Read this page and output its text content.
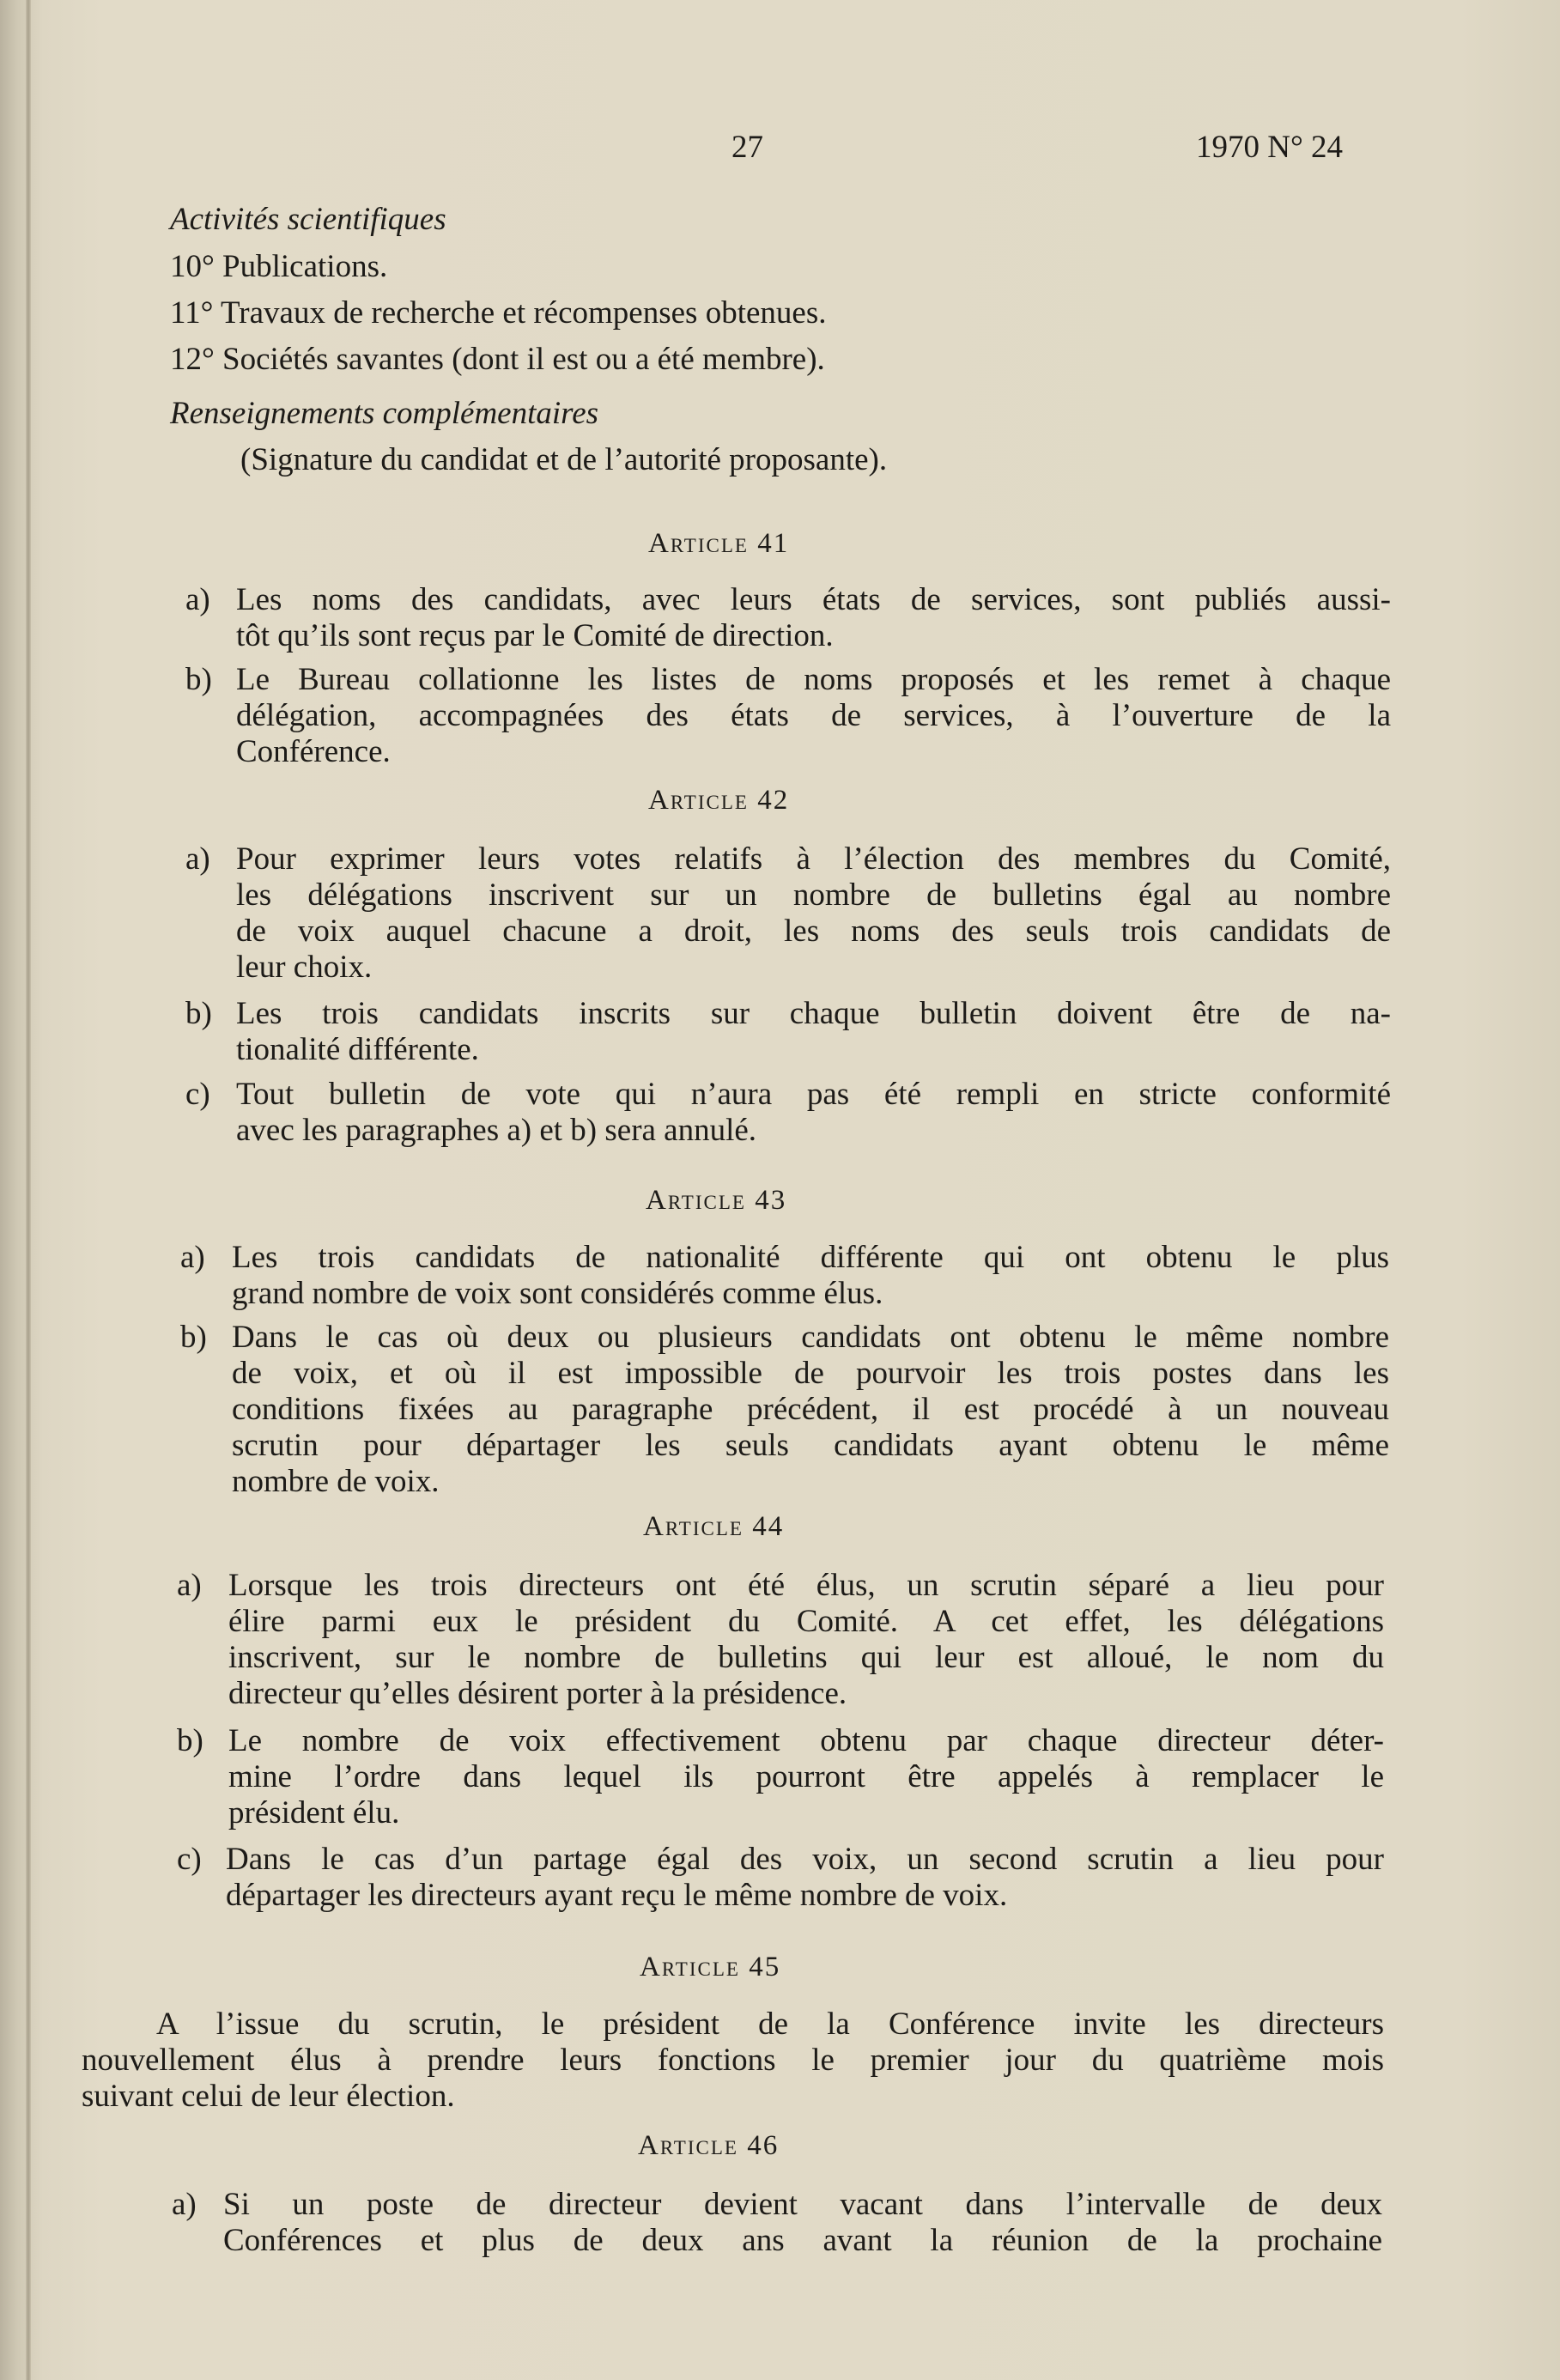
27	1970 N° 24
Activités scientifiques
10° Publications.
11° Travaux de recherche et récompenses obtenues.
12° Sociétés savantes (dont il est ou a été membre).
Renseignements complémentaires
(Signature du candidat et de l’autorité proposante).
Article 41
a) Les noms des candidats, avec leurs états de services, sont publiés aussi-
tôt qu’ils sont reçus par le Comité de direction.
b) Le Bureau collationne les listes de noms proposés et les remet à chaque
délégation, accompagnées des états de services, à l’ouverture de la
Conférence.
Article 42
a) Pour exprimer leurs votes relatifs à l’élection des membres du Comité,
les délégations inscrivent sur un nombre de bulletins égal au nombre
de voix auquel chacune a droit, les noms des seuls trois candidats de
leur choix.
b) Les trois candidats inscrits sur chaque bulletin doivent être de na-
tionalité différente.
c) Tout bulletin de vote qui n’aura pas été rempli en stricte conformité
avec les paragraphes a) et b) sera annulé.
Article 43
a) Les trois candidats de nationalité différente qui ont obtenu le plus
grand nombre de voix sont considérés comme élus.
b) Dans le cas où deux ou plusieurs candidats ont obtenu le même nombre
de voix, et où il est impossible de pourvoir les trois postes dans les
conditions fixées au paragraphe précédent, il est procédé à un nouveau
scrutin pour départager les seuls candidats ayant obtenu le même
nombre de voix.
Article 44
a) Lorsque les trois directeurs ont été élus, un scrutin séparé a lieu pour
élire parmi eux le président du Comité. A cet effet, les délégations
inscrivent, sur le nombre de bulletins qui leur est alloué, le nom du
directeur qu’elles désirent porter à la présidence.
b) Le nombre de voix effectivement obtenu par chaque directeur déter-
mine l’ordre dans lequel ils pourront être appelés à remplacer le
président élu.
c) Dans le cas d’un partage égal des voix, un second scrutin a lieu pour
départager les directeurs ayant reçu le même nombre de voix.
Article 45
A l’issue du scrutin, le président de la Conférence invite les directeurs
nouvellement élus à prendre leurs fonctions le premier jour du quatrième mois
suivant celui de leur élection.
Article 46
a) Si un poste de directeur devient vacant dans l’intervalle de deux
Conférences et plus de deux ans avant la réunion de la prochaine
